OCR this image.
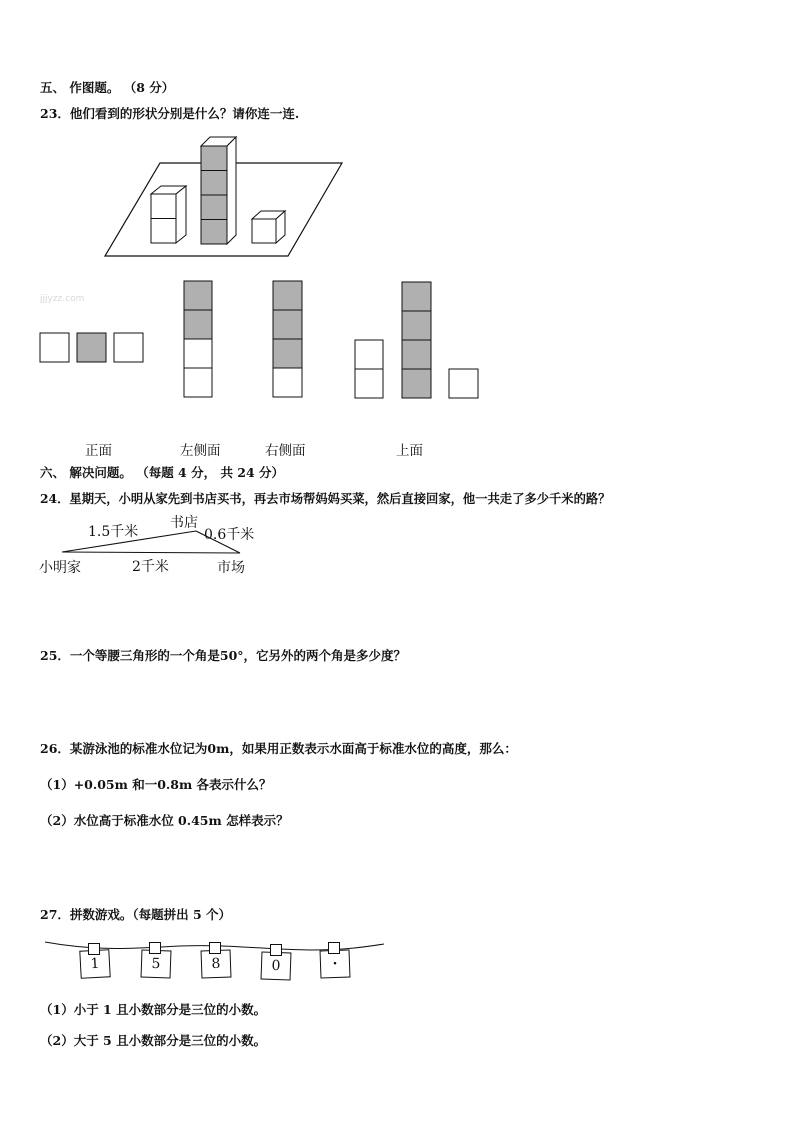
五、 作图题。 （8 分）
23．他们看到的形状分别是什么？请你连一连.
jjjyzz.com
正面	左侧面	右侧面	上面
六、 解决问题。 （每题 4 分， 共 24 分）
24．星期天，小明从家先到书店买书，再去市场帮妈妈买菜，然后直接回家，他一共走了多少千米的路？
1.5千米
书店
0.6千米
小明家	2千米	市场
25．一个等腰三角形的一个角是50°，它另外的两个角是多少度？
26．某游泳池的标准水位记为0m，如果用正数表示水面高于标准水位的高度，那么：
（1）+0.05m 和一0.8m 各表示什么？
（2）水位高于标准水位 0.45m 怎样表示？
27．拼数游戏。（每题拼出 5 个）
1	5	8	0	·
（1）小于 1 且小数部分是三位的小数。
（2）大于 5 且小数部分是三位的小数。
